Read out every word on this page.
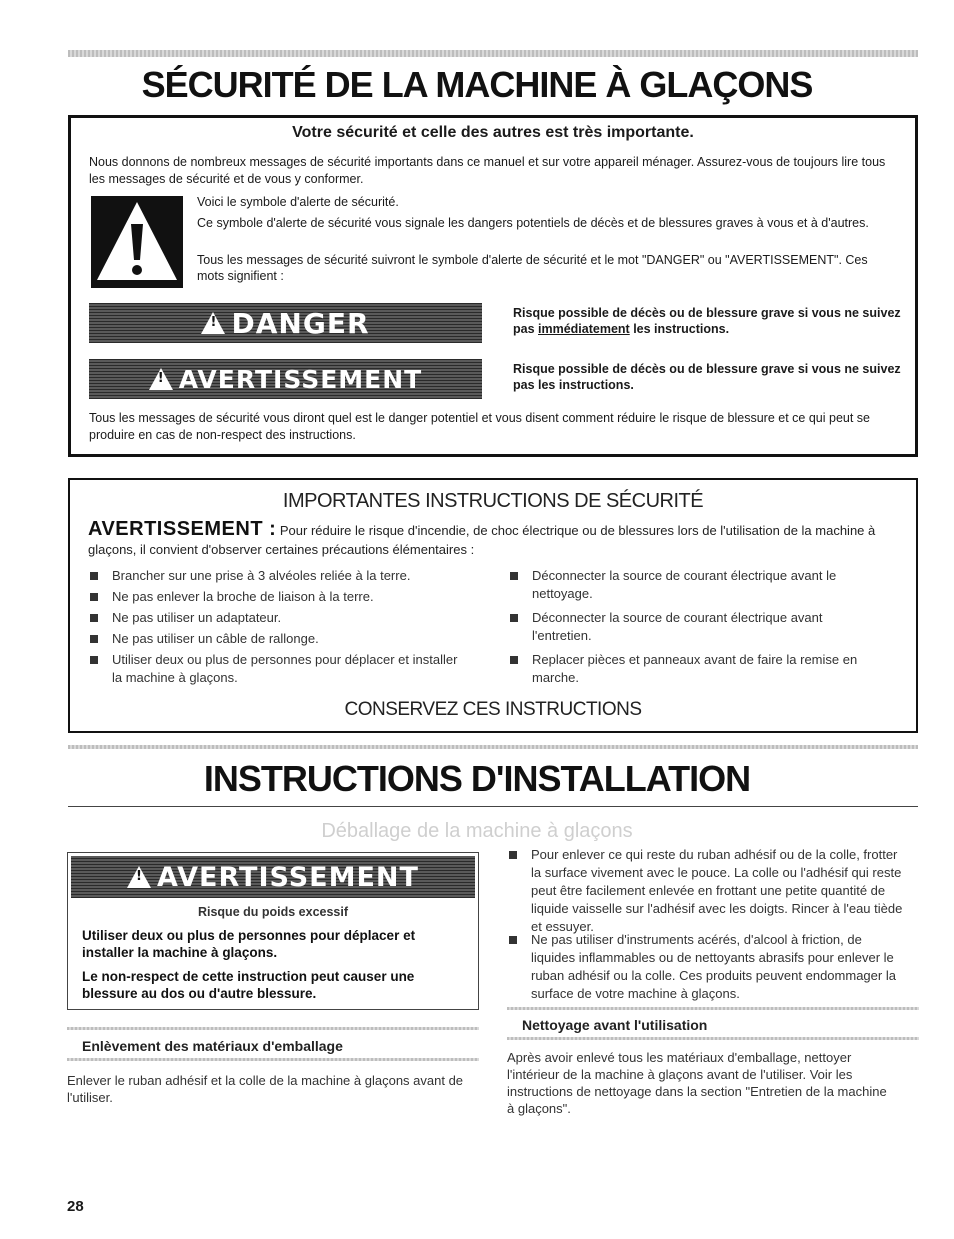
SÉCURITÉ DE LA MACHINE À GLAÇONS
Votre sécurité et celle des autres est très importante.
Nous donnons de nombreux messages de sécurité importants dans ce manuel et sur votre appareil ménager. Assurez-vous de toujours lire tous les messages de sécurité et de vous y conformer.
Voici le symbole d'alerte de sécurité.
Ce symbole d'alerte de sécurité vous signale les dangers potentiels de décès et de blessures graves à vous et à d'autres.
Tous les messages de sécurité suivront le symbole d'alerte de sécurité et le mot "DANGER" ou "AVERTISSEMENT". Ces mots signifient :
!
DANGER	Risque possible de décès ou de blessure grave si vous ne suivez pas immédiatement les instructions.
!
AVERTISSEMENT	Risque possible de décès ou de blessure grave si vous ne suivez pas les instructions.
Tous les messages de sécurité vous diront quel est le danger potentiel et vous disent comment réduire le risque de blessure et ce qui peut se produire en cas de non-respect des instructions.
IMPORTANTES INSTRUCTIONS DE SÉCURITÉ
AVERTISSEMENT : Pour réduire le risque d'incendie, de choc électrique ou de blessures lors de l'utilisation de la machine à glaçons, il convient d'observer certaines précautions élémentaires :
Brancher sur une prise à 3 alvéoles reliée à la terre.
Ne pas enlever la broche de liaison à la terre.
Ne pas utiliser un adaptateur.
Ne pas utiliser un câble de rallonge.
Utiliser deux ou plus de personnes pour déplacer et installer la machine à glaçons.
Déconnecter la source de courant électrique avant le nettoyage.
Déconnecter la source de courant électrique avant l'entretien.
Replacer pièces et panneaux avant de faire la remise en marche.
CONSERVEZ CES INSTRUCTIONS
INSTRUCTIONS D'INSTALLATION
Déballage de la machine à glaçons
!
AVERTISSEMENT
Risque du poids excessif
Utiliser deux ou plus de personnes pour déplacer et installer la machine à glaçons.
Le non-respect de cette instruction peut causer une blessure au dos ou d'autre blessure.
Enlèvement des matériaux d'emballage
Enlever le ruban adhésif et la colle de la machine à glaçons avant de l'utiliser.
Pour enlever ce qui reste du ruban adhésif ou de la colle, frotter la surface vivement avec le pouce. La colle ou l'adhésif qui reste peut être facilement enlevée en frottant une petite quantité de liquide vaisselle sur l'adhésif avec les doigts. Rincer à l'eau tiède et essuyer.
Ne pas utiliser d'instruments acérés, d'alcool à friction, de liquides inflammables ou de nettoyants abrasifs pour enlever le ruban adhésif ou la colle. Ces produits peuvent endommager la surface de votre machine à glaçons.
Nettoyage avant l'utilisation
Après avoir enlevé tous les matériaux d'emballage, nettoyer l'intérieur de la machine à glaçons avant de l'utiliser. Voir les instructions de nettoyage dans la section "Entretien de la machine à glaçons".
28
